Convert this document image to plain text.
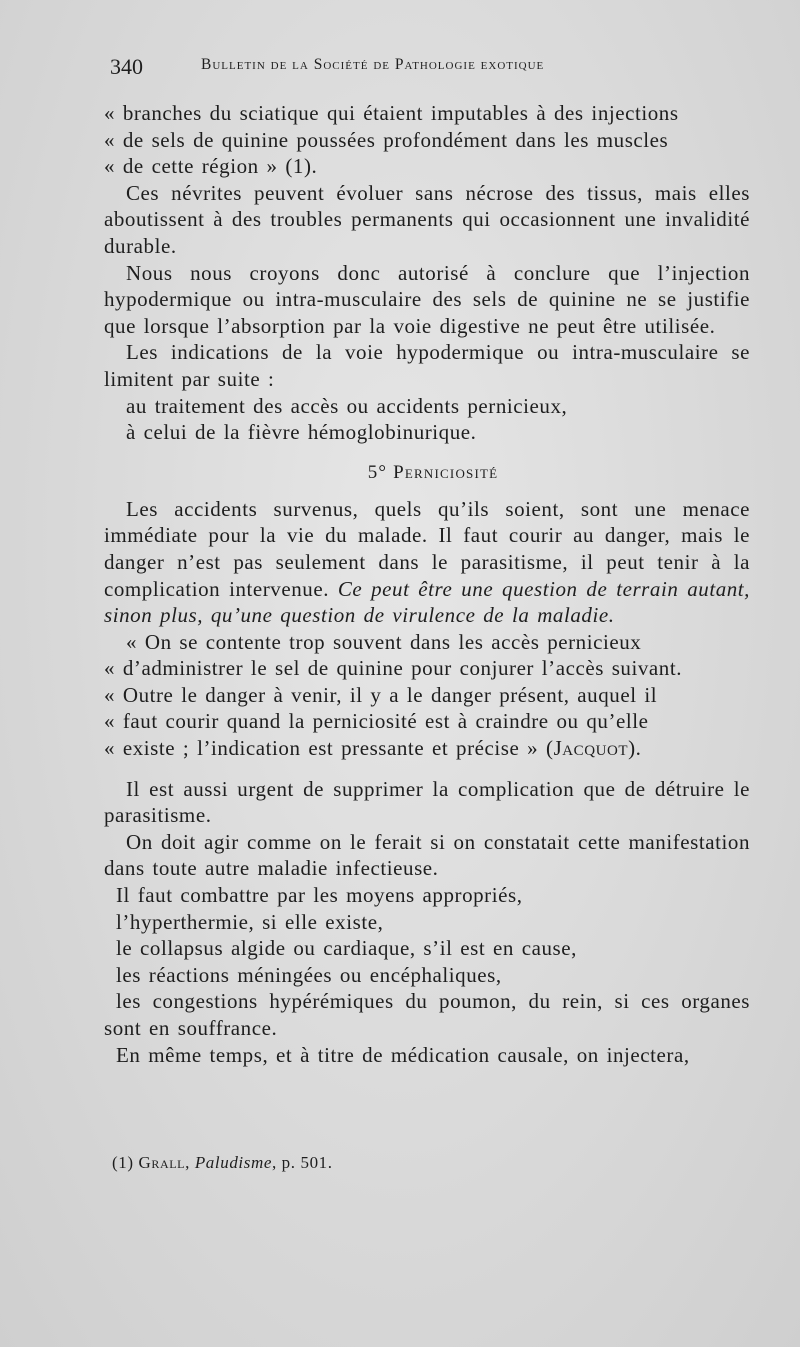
340	Bulletin de la Société de Pathologie exotique

« branches du sciatique qui étaient imputables à des injections

« de sels de quinine poussées profondément dans les muscles

« de cette région » (1).

Ces névrites peuvent évoluer sans nécrose des tissus, mais elles aboutissent à des troubles permanents qui occasionnent une invalidité durable.

Nous nous croyons donc autorisé à conclure que l’injection hypodermique ou intra-musculaire des sels de quinine ne se justifie que lorsque l’absorption par la voie digestive ne peut être utilisée.

Les indications de la voie hypodermique ou intra-musculaire se limitent par suite :

au traitement des accès ou accidents pernicieux,

à celui de la fièvre hémoglobinurique.

5° Perniciosité

Les accidents survenus, quels qu’ils soient, sont une menace immédiate pour la vie du malade. Il faut courir au danger, mais le danger n’est pas seulement dans le parasitisme, il peut tenir à la complication intervenue. Ce peut être une question de terrain autant, sinon plus, qu’une question de virulence de la maladie.

« On se contente trop souvent dans les accès pernicieux

« d’administrer le sel de quinine pour conjurer l’accès suivant.

« Outre le danger à venir, il y a le danger présent, auquel il

« faut courir quand la perniciosité est à craindre ou qu’elle

« existe ; l’indication est pressante et précise » (Jacquot).

Il est aussi urgent de supprimer la complication que de détruire le parasitisme.

On doit agir comme on le ferait si on constatait cette manifestation dans toute autre maladie infectieuse.

Il faut combattre par les moyens appropriés,

l’hyperthermie, si elle existe,

le collapsus algide ou cardiaque, s’il est en cause,

les réactions méningées ou encéphaliques,

les congestions hypérémiques du poumon, du rein, si ces organes sont en souffrance.

En même temps, et à titre de médication causale, on injectera,

(1) Grall, Paludisme, p. 501.
